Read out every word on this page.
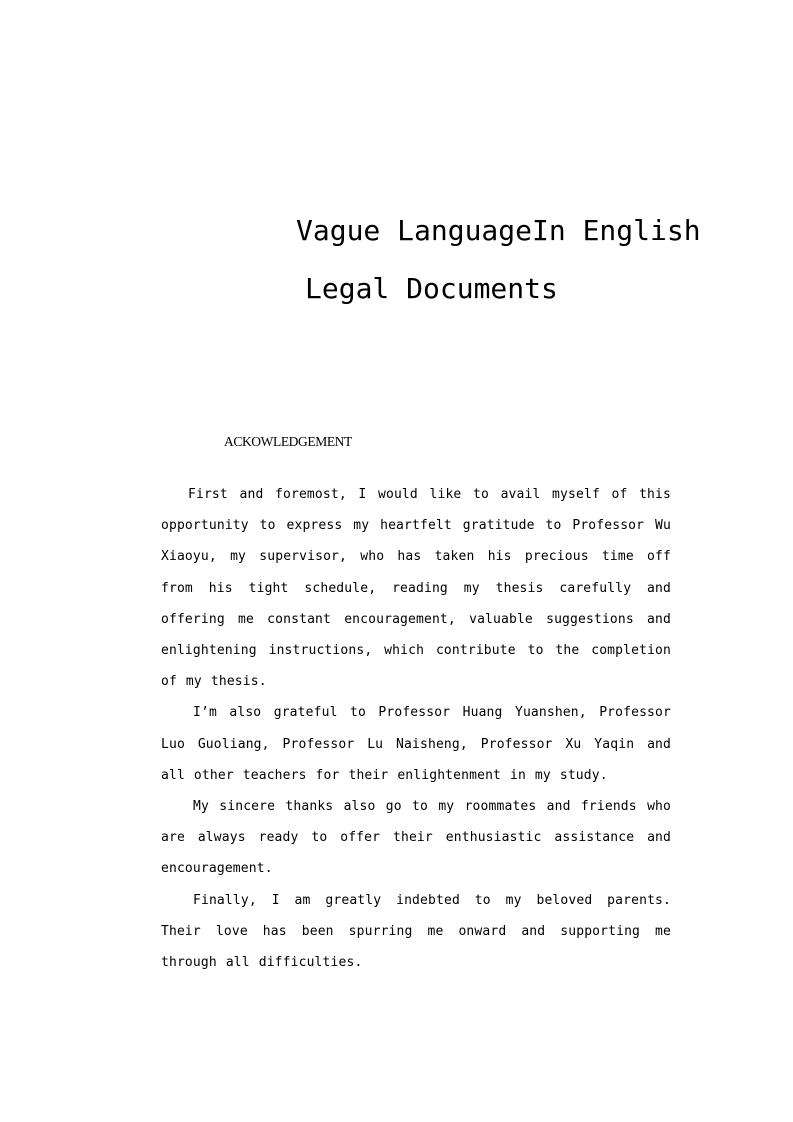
Vague LanguageIn English
Legal Documents
ACKOWLEDGEMENT

First and foremost, I would like to avail myself of this opportunity to express my heartfelt gratitude to Professor Wu Xiaoyu, my supervisor, who has taken his precious time off from his tight schedule, reading my thesis carefully and offering me constant encouragement, valuable suggestions and enlightening instructions, which contribute to the completion of my thesis.

I’m also grateful to Professor Huang Yuanshen, Professor Luo Guoliang, Professor Lu Naisheng, Professor Xu Yaqin and all other teachers for their enlightenment in my study.

My sincere thanks also go to my roommates and friends who are always ready to offer their enthusiastic assistance and encouragement.

Finally, I am greatly indebted to my beloved parents. Their love has been spurring me onward and supporting me through all difficulties.
